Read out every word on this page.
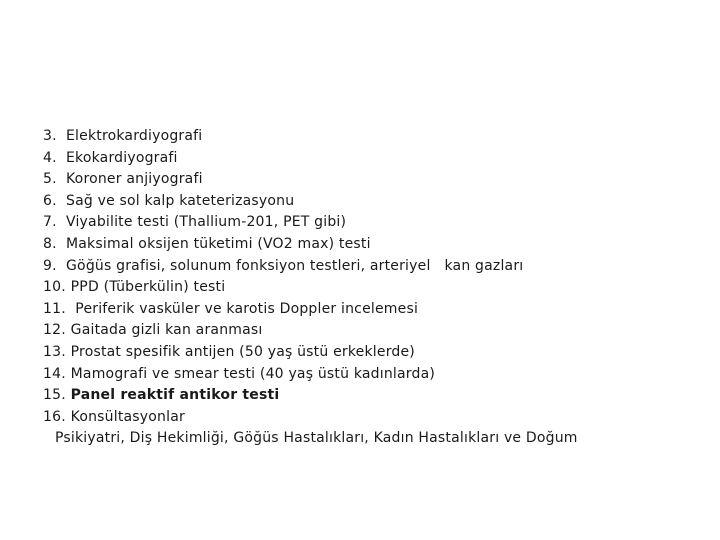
3. Elektrokardiyografi
4. Ekokardiyografi
5. Koroner anjiyografi
6. Sağ ve sol kalp kateterizasyonu
7. Viyabilite testi (Thallium-201, PET gibi)
8. Maksimal oksijen tüketimi (VO2 max) testi
9. Göğüs grafisi, solunum fonksiyon testleri, arteriyel   kan gazları
10. PPD (Tüberkülin) testi
11.  Periferik vasküler ve karotis Doppler incelemesi
12. Gaitada gizli kan aranması
13. Prostat spesifik antijen (50 yaş üstü erkeklerde)
14. Mamografi ve smear testi (40 yaş üstü kadınlarda)
15. Panel reaktif antikor testi
16. Konsültasyonlar
Psikiyatri, Diş Hekimliği, Göğüs Hastalıkları, Kadın Hastalıkları ve Doğum
